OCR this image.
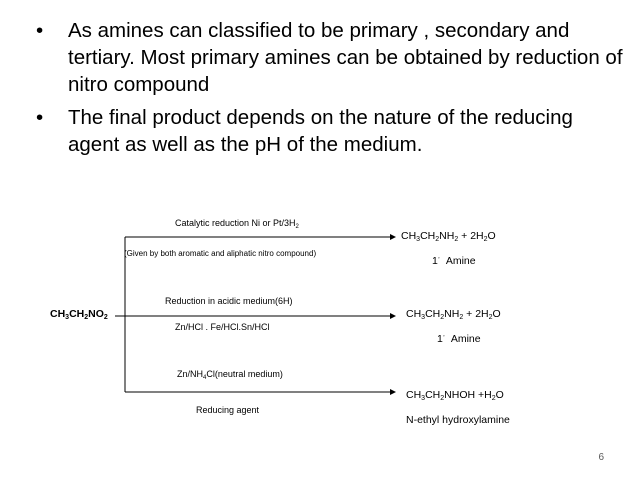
• As amines can classified to be primary , secondary and tertiary. Most primary amines can be obtained by reduction of nitro compound
• The final product depends on the nature of the reducing agent as well as the pH of the medium.
$CH_3CH_2NO_2$
Catalytic reduction Ni or $Pt/3H_2$
(Given by both aromatic and aliphatic nitro compound)
$CH_3CH_2NH_2 + 2H_2O$
1◦ Amine
Reduction in acidic medium(6H)
Zn/HCl . Fe/HCl.Sn/HCl
$CH_3CH_2NH_2 + 2H_2O$
1◦ Amine
$Zn/NH_4Cl(neutral$ medium)
Reducing agent
$CH_3CH_2NHOH +H_2O$
N-ethyl hydroxylamine
6
